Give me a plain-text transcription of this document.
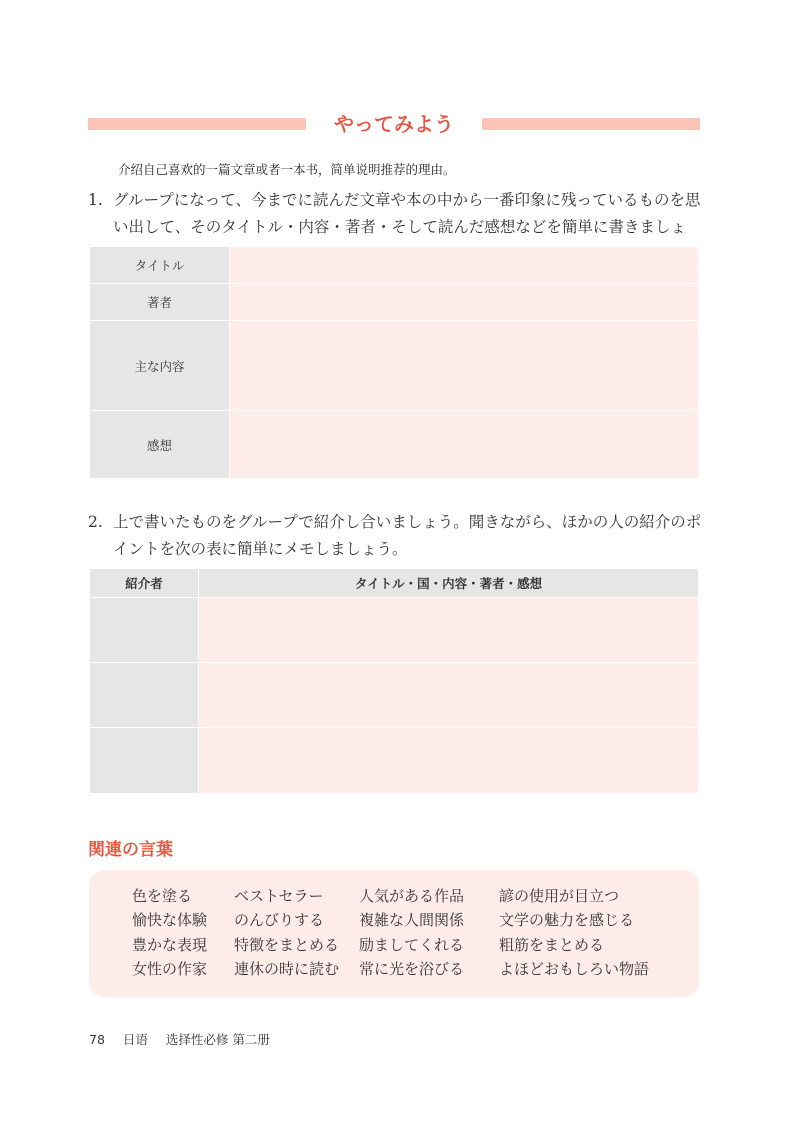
やってみよう
介绍自己喜欢的一篇文章或者一本书，简单说明推荐的理由。
1. グループになって、今までに読んだ文章や本の中から一番印象に残っているものを思い出して、そのタイトル・内容・著者・そして読んだ感想などを簡単に書きましょ
タイトル	
著者	
主な内容	
感想	
2. 上で書いたものをグループで紹介し合いましょう。聞きながら、ほかの人の紹介のポイントを次の表に簡単にメモしましょう。
紹介者	タイトル・国・内容・著者・感想

関連の言葉
色を塗る
愉快な体験
豊かな表現
女性の作家
ベストセラー
のんびりする
特徴をまとめる
連休の時に読む
人気がある作品
複雑な人間関係
励ましてくれる
常に光を浴びる
諺の使用が目立つ
文学の魅力を感じる
粗筋をまとめる
よほどおもしろい物語
78 日语 选择性必修 第二册
